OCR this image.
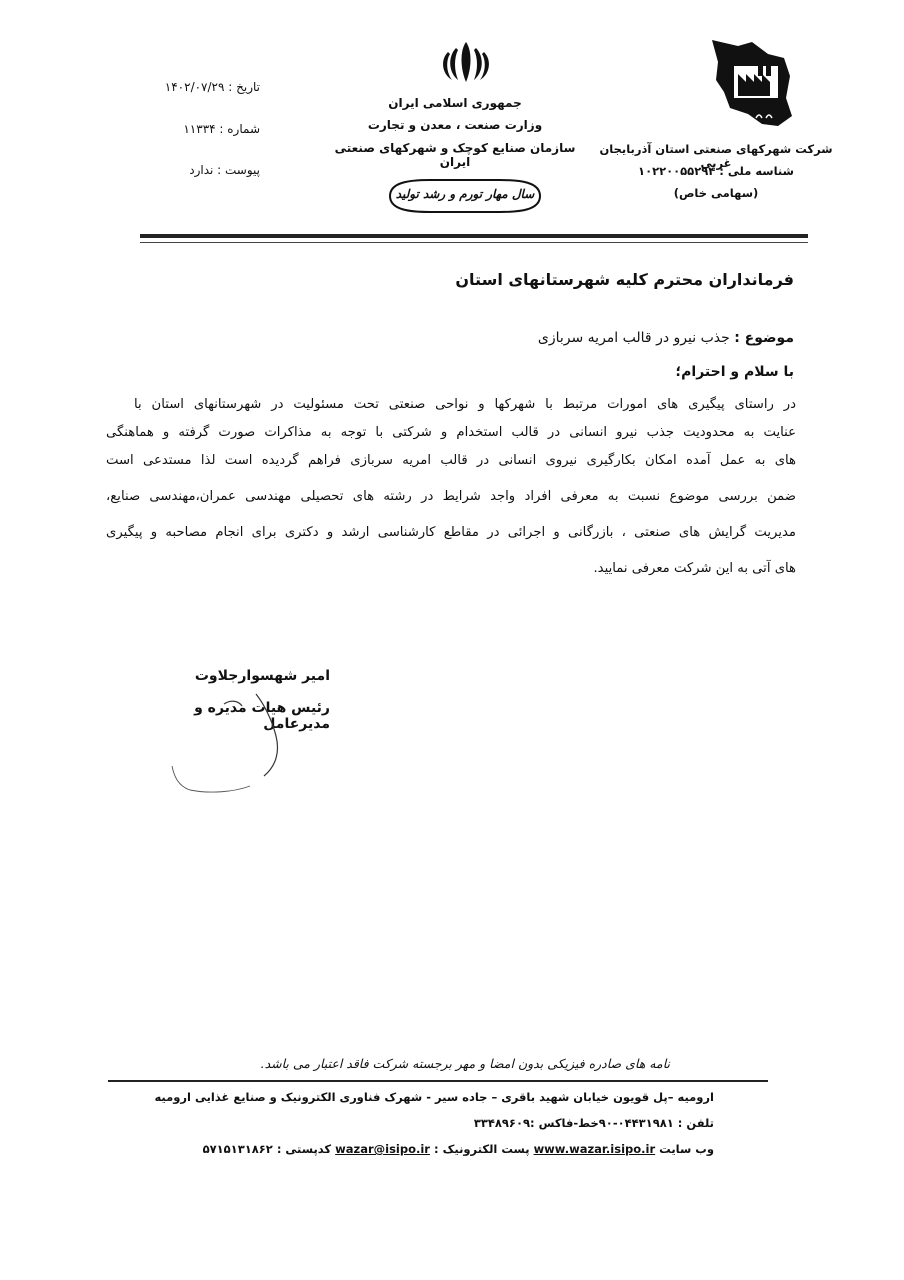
تاریخ : ۱۴۰۲/۰۷/۲۹
شماره : ۱۱۳۳۴
پیوست : ندارد
جمهوری اسلامی ایران
وزارت صنعت ، معدن و تجارت
سازمان صنایع کوچک و شهرکهای صنعتی ایران
سال مهار تورم و رشد تولید
شرکت شهرکهای صنعتی استان آذربایجان غربی
شناسه ملی : ۱۰۲۲۰۰۵۵۲۹۴
(سهامی خاص)
فرمانداران محترم کلیه شهرستانهای استان
موضوع : جذب نیرو در قالب امریه سربازی
با سلام و احترام؛
در راستای پیگیری های امورات مرتبط با شهرکها و نواحی صنعتی تحت مسئولیت در شهرستانهای استان با
عنایت به محدودیت جذب نیرو انسانی در قالب استخدام و شرکتی با توجه به مذاکرات صورت گرفته و هماهنگی
های به عمل آمده امکان بکارگیری نیروی انسانی در قالب امریه سربازی فراهم گردیده است لذا مستدعی است
ضمن بررسی موضوع نسبت به معرفی افراد واجد شرایط در رشته های تحصیلی مهندسی عمران،مهندسی صنایع،
مدیریت گرایش های صنعتی ، بازرگانی و اجرائی در مقاطع کارشناسی ارشد و دکتری برای انجام مصاحبه و پیگیری
های آتی به این شرکت معرفی نمایید.
امیر شهسوارجلاوت
رئیس هیات مدیره و مدیرعامل
نامه های صادره فیزیکی بدون امضا و مهر برجسته شرکت فاقد اعتبار می باشد.
ارومیه –پل قویون خیابان شهید باقری – جاده سیر - شهرک فناوری الکترونیک و صنایع غذایی ارومیه
تلفن : ۰۴۴۳۱۹۸۱-۹۰خط-فاکس :۳۳۴۸۹۶۰۹
وب سایت www.wazar.isipo.ir پست الکترونیک : wazar@isipo.ir کدپستی : ۵۷۱۵۱۳۱۸۶۲
